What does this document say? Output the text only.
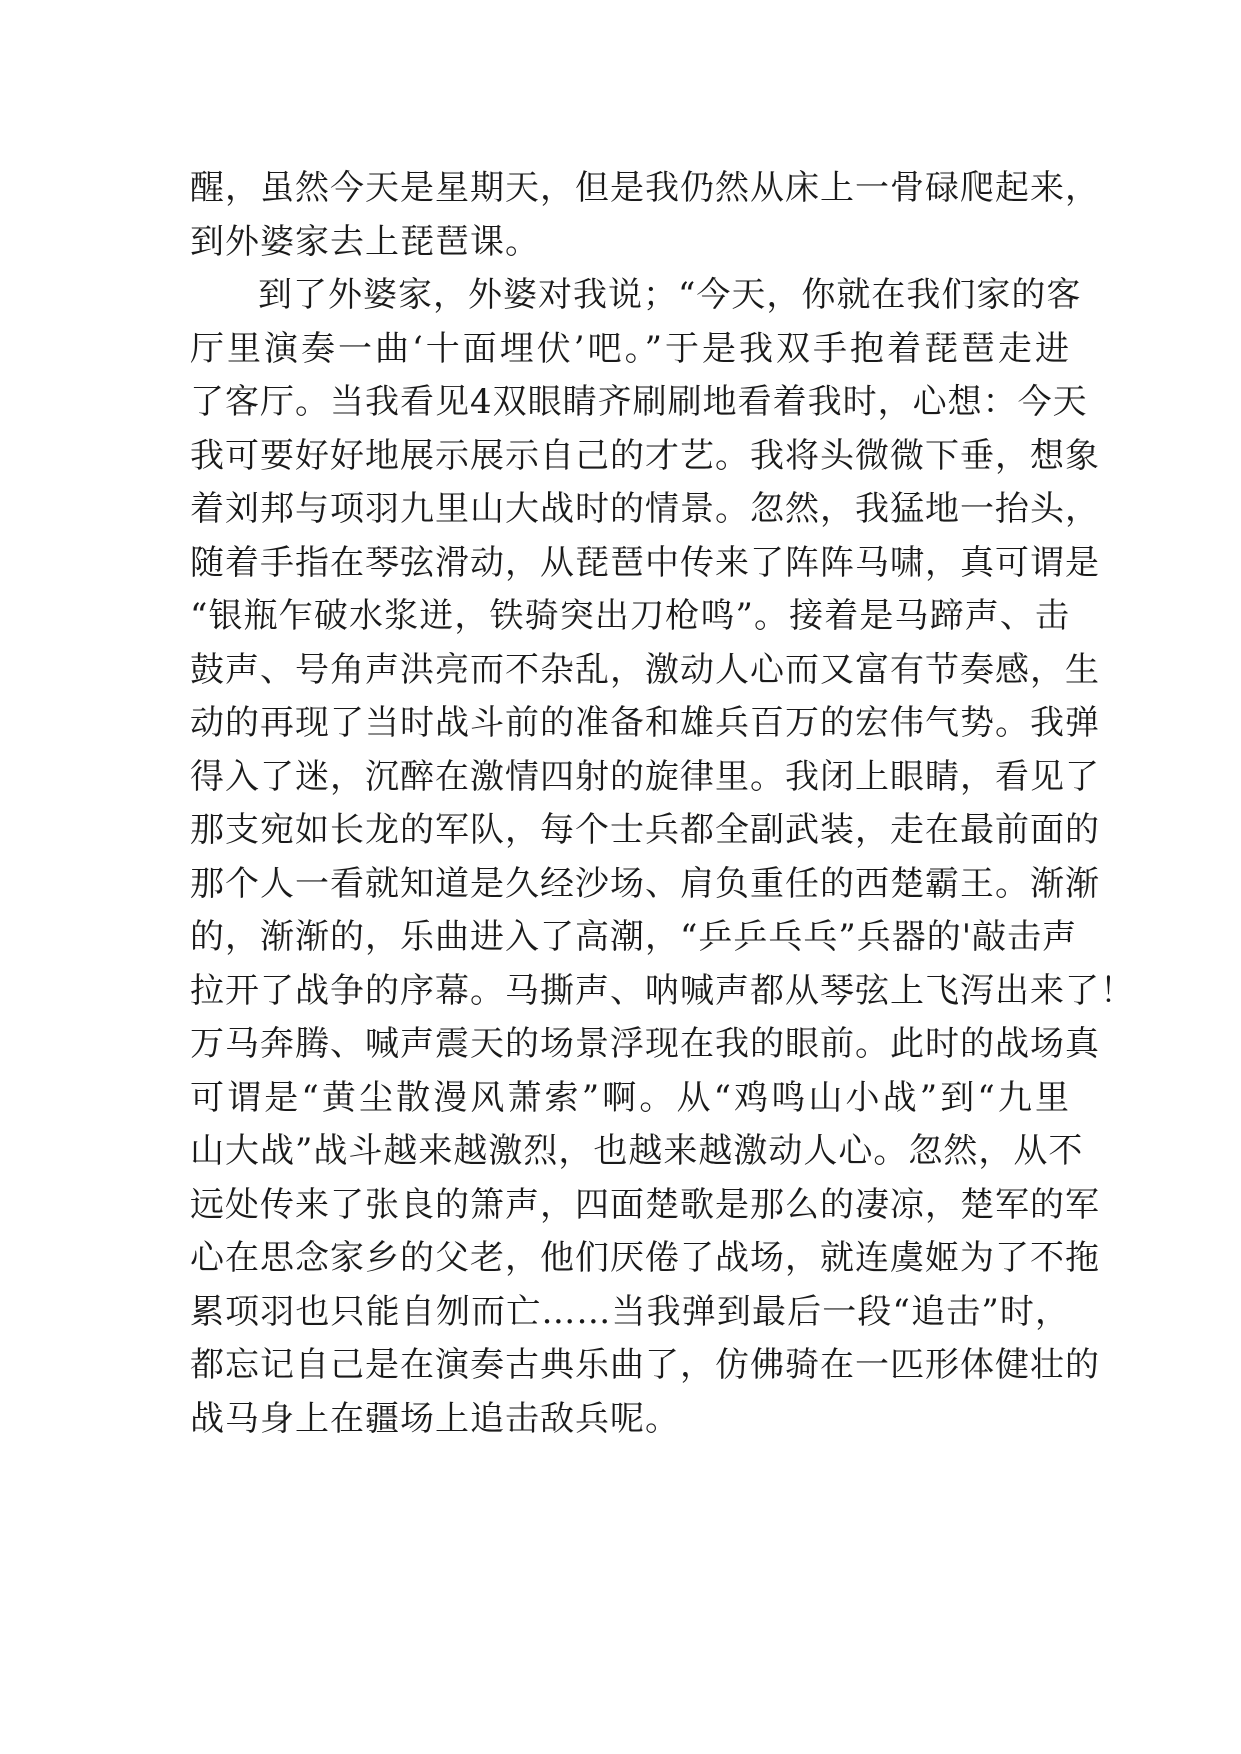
醒，虽然今天是星期天，但是我仍然从床上一骨碌爬起来，
到外婆家去上琵琶课。
到了外婆家，外婆对我说；“今天，你就在我们家的客
厅里演奏一曲‘十面埋伏’吧。”于是我双手抱着琵琶走进
了客厅。当我看见4双眼睛齐刷刷地看着我时，心想：今天
我可要好好地展示展示自己的才艺。我将头微微下垂，想象
着刘邦与项羽九里山大战时的情景。忽然，我猛地一抬头，
随着手指在琴弦滑动，从琵琶中传来了阵阵马啸，真可谓是
“银瓶乍破水浆迸，铁骑突出刀枪鸣”。接着是马蹄声、击
鼓声、号角声洪亮而不杂乱，激动人心而又富有节奏感，生
动的再现了当时战斗前的准备和雄兵百万的宏伟气势。我弹
得入了迷，沉醉在激情四射的旋律里。我闭上眼睛，看见了
那支宛如长龙的军队，每个士兵都全副武装，走在最前面的
那个人一看就知道是久经沙场、肩负重任的西楚霸王。渐渐
的，渐渐的，乐曲进入了高潮，“乒乒乓乓”兵器的'敲击声
拉开了战争的序幕。马撕声、呐喊声都从琴弦上飞泻出来了！
万马奔腾、喊声震天的场景浮现在我的眼前。此时的战场真
可谓是“黄尘散漫风萧索”啊。从“鸡鸣山小战”到“九里
山大战”战斗越来越激烈，也越来越激动人心。忽然，从不
远处传来了张良的箫声，四面楚歌是那么的凄凉，楚军的军
心在思念家乡的父老，他们厌倦了战场，就连虞姬为了不拖
累项羽也只能自刎而亡……当我弹到最后一段“追击”时，
都忘记自己是在演奏古典乐曲了，仿佛骑在一匹形体健壮的
战马身上在疆场上追击敌兵呢。
